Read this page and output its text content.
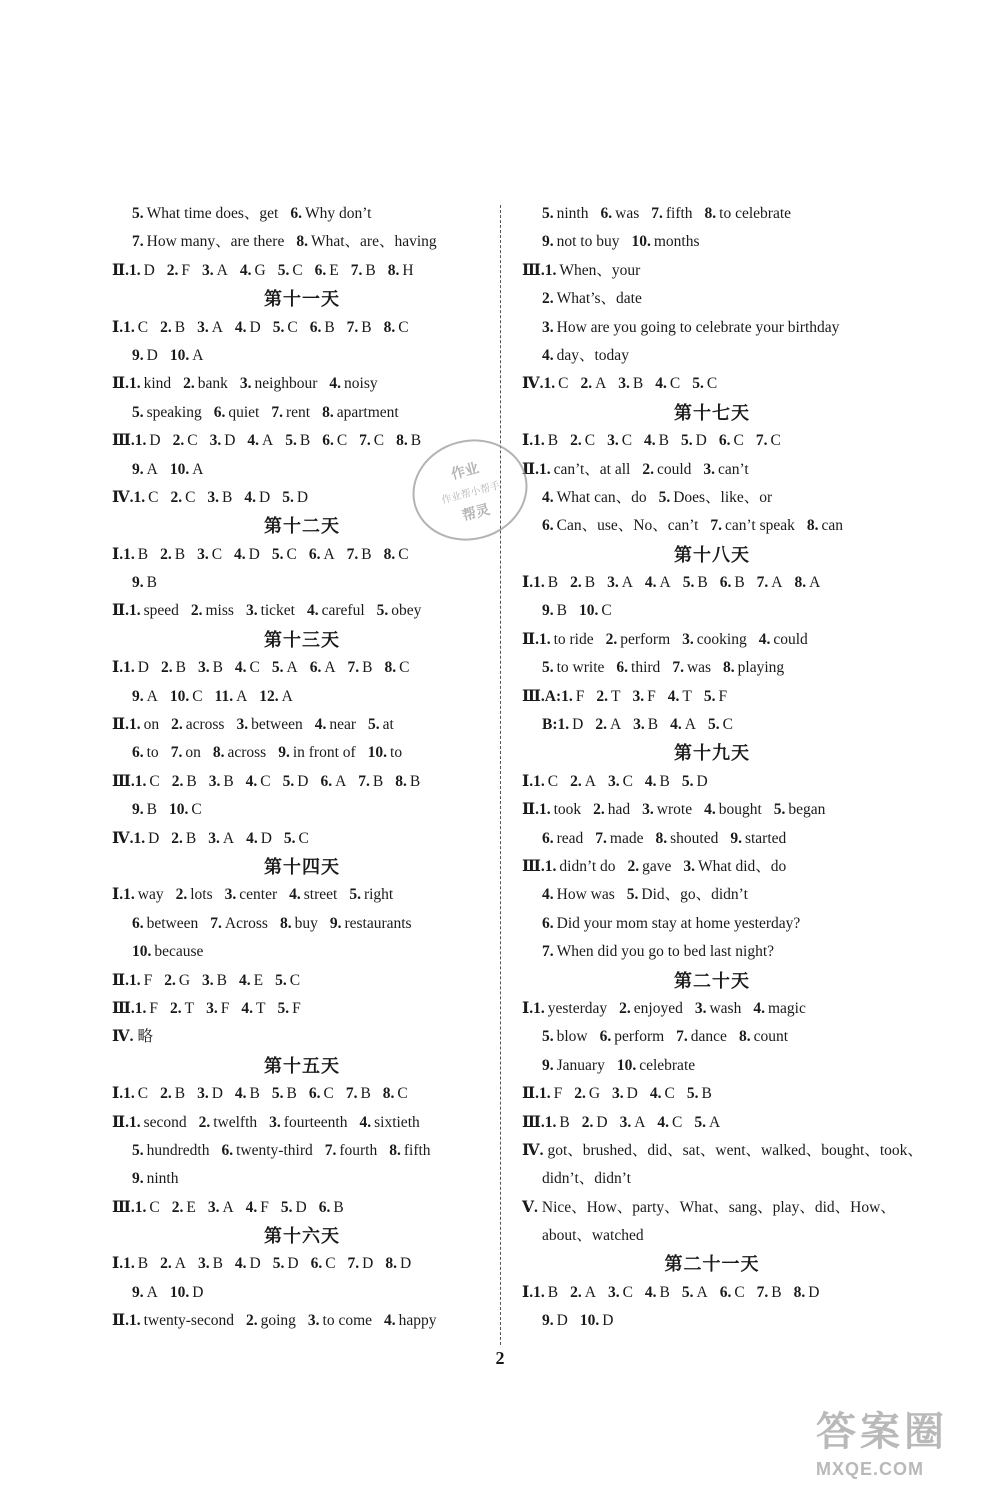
5. What time does、get 6. Why don’t
7. How many、are there 8. What、are、having
Ⅱ.1. D 2. F 3. A 4. G 5. C 6. E 7. B 8. H
第十一天
Ⅰ.1. C 2. B 3. A 4. D 5. C 6. B 7. B 8. C
9. D 10. A
Ⅱ.1. kind 2. bank 3. neighbour 4. noisy
5. speaking 6. quiet 7. rent 8. apartment
Ⅲ.1. D 2. C 3. D 4. A 5. B 6. C 7. C 8. B
9. A 10. A
Ⅳ.1. C 2. C 3. B 4. D 5. D
第十二天
Ⅰ.1. B 2. B 3. C 4. D 5. C 6. A 7. B 8. C
9. B
Ⅱ.1. speed 2. miss 3. ticket 4. careful 5. obey
第十三天
Ⅰ.1. D 2. B 3. B 4. C 5. A 6. A 7. B 8. C
9. A 10. C 11. A 12. A
Ⅱ.1. on 2. across 3. between 4. near 5. at
6. to 7. on 8. across 9. in front of 10. to
Ⅲ.1. C 2. B 3. B 4. C 5. D 6. A 7. B 8. B
9. B 10. C
Ⅳ.1. D 2. B 3. A 4. D 5. C
第十四天
Ⅰ.1. way 2. lots 3. center 4. street 5. right
6. between 7. Across 8. buy 9. restaurants
10. because
Ⅱ.1. F 2. G 3. B 4. E 5. C
Ⅲ.1. F 2. T 3. F 4. T 5. F
Ⅳ. 略
第十五天
Ⅰ.1. C 2. B 3. D 4. B 5. B 6. C 7. B 8. C
Ⅱ.1. second 2. twelfth 3. fourteenth 4. sixtieth
5. hundredth 6. twenty-third 7. fourth 8. fifth
9. ninth
Ⅲ.1. C 2. E 3. A 4. F 5. D 6. B
第十六天
Ⅰ.1. B 2. A 3. B 4. D 5. D 6. C 7. D 8. D
9. A 10. D
Ⅱ.1. twenty-second 2. going 3. to come 4. happy
5. ninth 6. was 7. fifth 8. to celebrate
9. not to buy 10. months
Ⅲ.1. When、your
2. What’s、date
3. How are you going to celebrate your birthday
4. day、today
Ⅳ.1. C 2. A 3. B 4. C 5. C
第十七天
Ⅰ.1. B 2. C 3. C 4. B 5. D 6. C 7. C
Ⅱ.1. can’t、at all 2. could 3. can’t
4. What can、do 5. Does、like、or
6. Can、use、No、can’t 7. can’t speak 8. can
第十八天
Ⅰ.1. B 2. B 3. A 4. A 5. B 6. B 7. A 8. A
9. B 10. C
Ⅱ.1. to ride 2. perform 3. cooking 4. could
5. to write 6. third 7. was 8. playing
Ⅲ.A:1. F 2. T 3. F 4. T 5. F
B:1. D 2. A 3. B 4. A 5. C
第十九天
Ⅰ.1. C 2. A 3. C 4. B 5. D
Ⅱ.1. took 2. had 3. wrote 4. bought 5. began
6. read 7. made 8. shouted 9. started
Ⅲ.1. didn’t do 2. gave 3. What did、do
4. How was 5. Did、go、didn’t
6. Did your mom stay at home yesterday?
7. When did you go to bed last night?
第二十天
Ⅰ.1. yesterday 2. enjoyed 3. wash 4. magic
5. blow 6. perform 7. dance 8. count
9. January 10. celebrate
Ⅱ.1. F 2. G 3. D 4. C 5. B
Ⅲ.1. B 2. D 3. A 4. C 5. A
Ⅳ. got、brushed、did、sat、went、walked、bought、took、
didn’t、didn’t
Ⅴ. Nice、How、party、What、sang、play、did、How、
about、watched
第二十一天
Ⅰ.1. B 2. A 3. C 4. B 5. A 6. C 7. B 8. D
9. D 10. D
作业
作业帮小帮手
帮灵
2
答案圈
MXQE.COM
